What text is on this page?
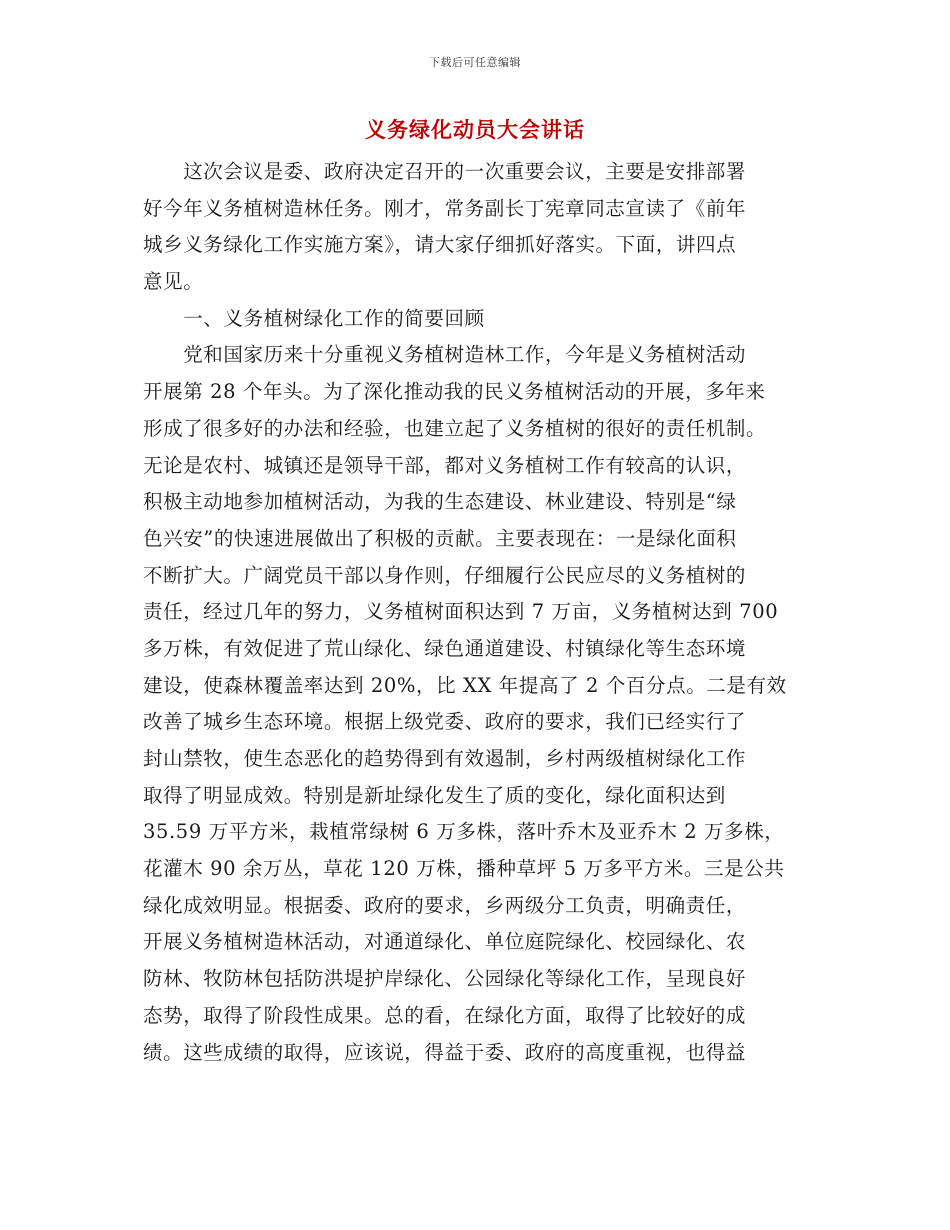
下载后可任意编辑
义务绿化动员大会讲话
　　这次会议是委、政府决定召开的一次重要会议，主要是安排部署
好今年义务植树造林任务。刚才，常务副长丁宪章同志宣读了《前年
城乡义务绿化工作实施方案》，请大家仔细抓好落实。下面，讲四点
意见。
　　一、义务植树绿化工作的简要回顾
　　党和国家历来十分重视义务植树造林工作，今年是义务植树活动
开展第 28 个年头。为了深化推动我的民义务植树活动的开展，多年来
形成了很多好的办法和经验，也建立起了义务植树的很好的责任机制。
无论是农村、城镇还是领导干部，都对义务植树工作有较高的认识，
积极主动地参加植树活动，为我的生态建设、林业建设、特别是“绿
色兴安”的快速进展做出了积极的贡献。主要表现在：一是绿化面积
不断扩大。广阔党员干部以身作则，仔细履行公民应尽的义务植树的
责任，经过几年的努力，义务植树面积达到 7 万亩，义务植树达到 700
多万株，有效促进了荒山绿化、绿色通道建设、村镇绿化等生态环境
建设，使森林覆盖率达到 20%，比 XX 年提高了 2 个百分点。二是有效
改善了城乡生态环境。根据上级党委、政府的要求，我们已经实行了
封山禁牧，使生态恶化的趋势得到有效遏制，乡村两级植树绿化工作
取得了明显成效。特别是新址绿化发生了质的变化，绿化面积达到
35.59 万平方米，栽植常绿树 6 万多株，落叶乔木及亚乔木 2 万多株，
花灌木 90 余万丛，草花 120 万株，播种草坪 5 万多平方米。三是公共
绿化成效明显。根据委、政府的要求，乡两级分工负责，明确责任，
开展义务植树造林活动，对通道绿化、单位庭院绿化、校园绿化、农
防林、牧防林包括防洪堤护岸绿化、公园绿化等绿化工作，呈现良好
态势，取得了阶段性成果。总的看，在绿化方面，取得了比较好的成
绩。这些成绩的取得，应该说，得益于委、政府的高度重视，也得益
